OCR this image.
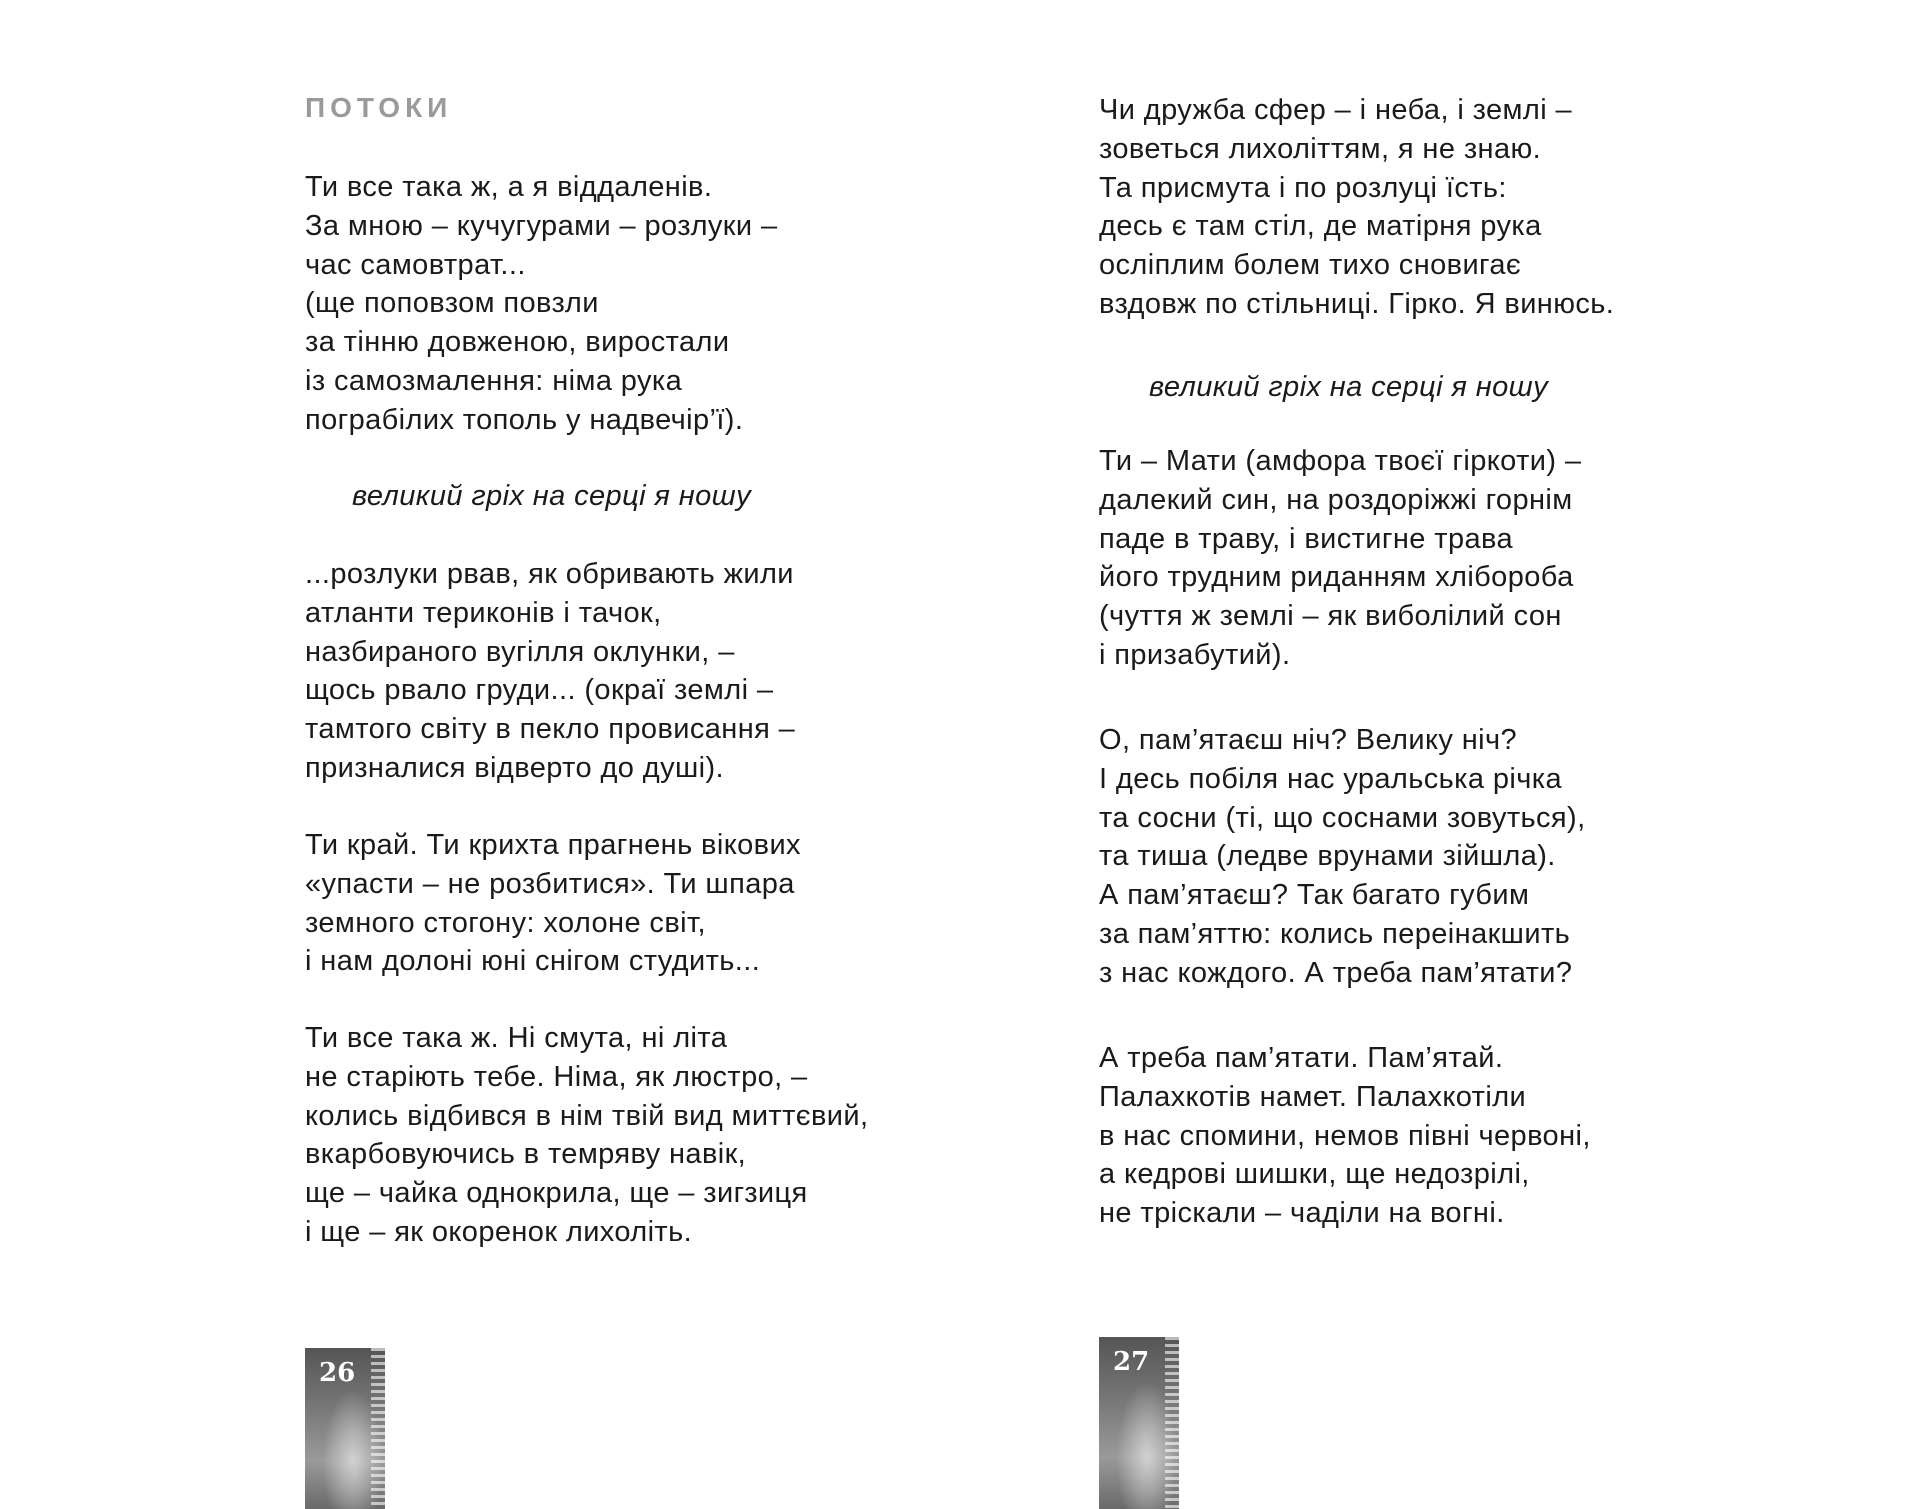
ПОТОКИ
Ти все така ж, а я віддаленів.
За мною – кучугурами – розлуки –
час самовтрат...
(ще поповзом повзли
за тінню довженою, виростали
із самозмалення: німа рука
пограбілих тополь у надвечір’ї).
великий гріх на серці я ношу
...розлуки рвав, як обривають жили
атланти териконів і тачок,
назбираного вугілля оклунки, –
щось рвало груди... (окраї землі –
тамтого світу в пекло провисання –
призналися відверто до душі).
Ти край. Ти крихта прагнень вікових
«упасти – не розбитися». Ти шпара
земного стогону: холоне світ,
і нам долоні юні снігом студить...
Ти все така ж. Ні смута, ні літа
не старіють тебе. Німа, як люстро, –
колись відбився в нім твій вид миттєвий,
вкарбовуючись в темряву навік,
ще – чайка однокрила, ще – зигзиця
і ще – як окоренок лихоліть.
26
Чи дружба сфер – і неба, і землі –
зоветься лихоліттям, я не знаю.
Та присмута і по розлуці їсть:
десь є там стіл, де матірня рука
осліплим болем тихо сновигає
вздовж по стільниці. Гірко. Я винюсь.
великий гріх на серці я ношу
Ти – Мати (амфора твоєї гіркоти) –
далекий син, на роздоріжжі горнім
паде в траву, і вистигне трава
його трудним риданням хлібороба
(чуття ж землі – як виболілий сон
і призабутий).
О, пам’ятаєш ніч? Велику ніч?
І десь побіля нас уральська річка
та сосни (ті, що соснами зовуться),
та тиша (ледве врунами зійшла).
А пам’ятаєш? Так багато губим
за пам’яттю: колись переінакшить
з нас кождого. А треба пам’ятати?
А треба пам’ятати. Пам’ятай.
Палахкотів намет. Палахкотіли
в нас спомини, немов півні червоні,
а кедрові шишки, ще недозрілі,
не тріскали – чаділи на вогні.
27
